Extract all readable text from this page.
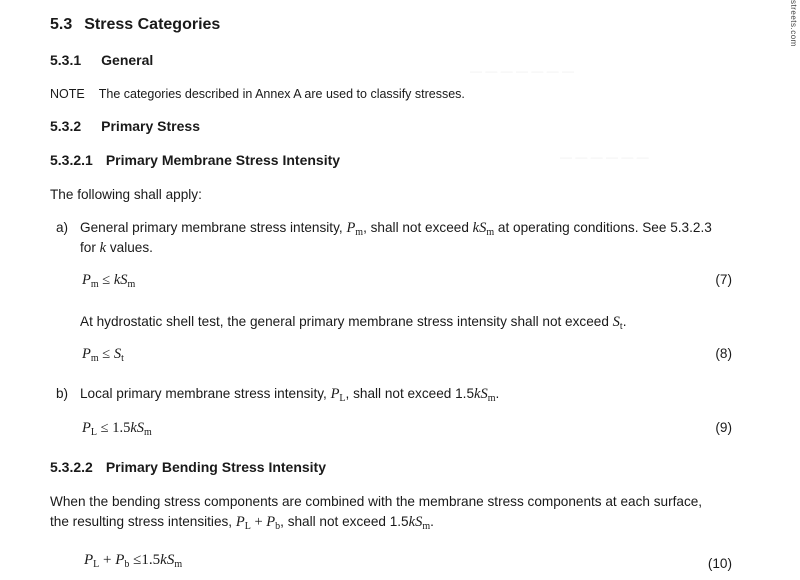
streets.com
— — — — — — —
— — — — — —
5.3 Stress Categories
5.3.1 General
NOTE The categories described in Annex A are used to classify stresses.
5.3.2 Primary Stress
5.3.2.1 Primary Membrane Stress Intensity
The following shall apply:
a) General primary membrane stress intensity, $P_m$, shall not exceed $kS_m$ at operating conditions. See 5.3.2.3
for k values.
$P_m \le kS_m$	(7)
At hydrostatic shell test, the general primary membrane stress intensity shall not exceed $S_t$.
$P_m \le S_t$	(8)
b) Local primary membrane stress intensity, $P_L$, shall not exceed $1.5kS_m$.
$P_L \le 1.5kS_m$	(9)
5.3.2.2 Primary Bending Stress Intensity
When the bending stress components are combined with the membrane stress components at each surface,
the resulting stress intensities, $P_L + P_b$, shall not exceed $1.5kS_m$.
$P_L + P_b \le 1.5kS_m$	(10)
